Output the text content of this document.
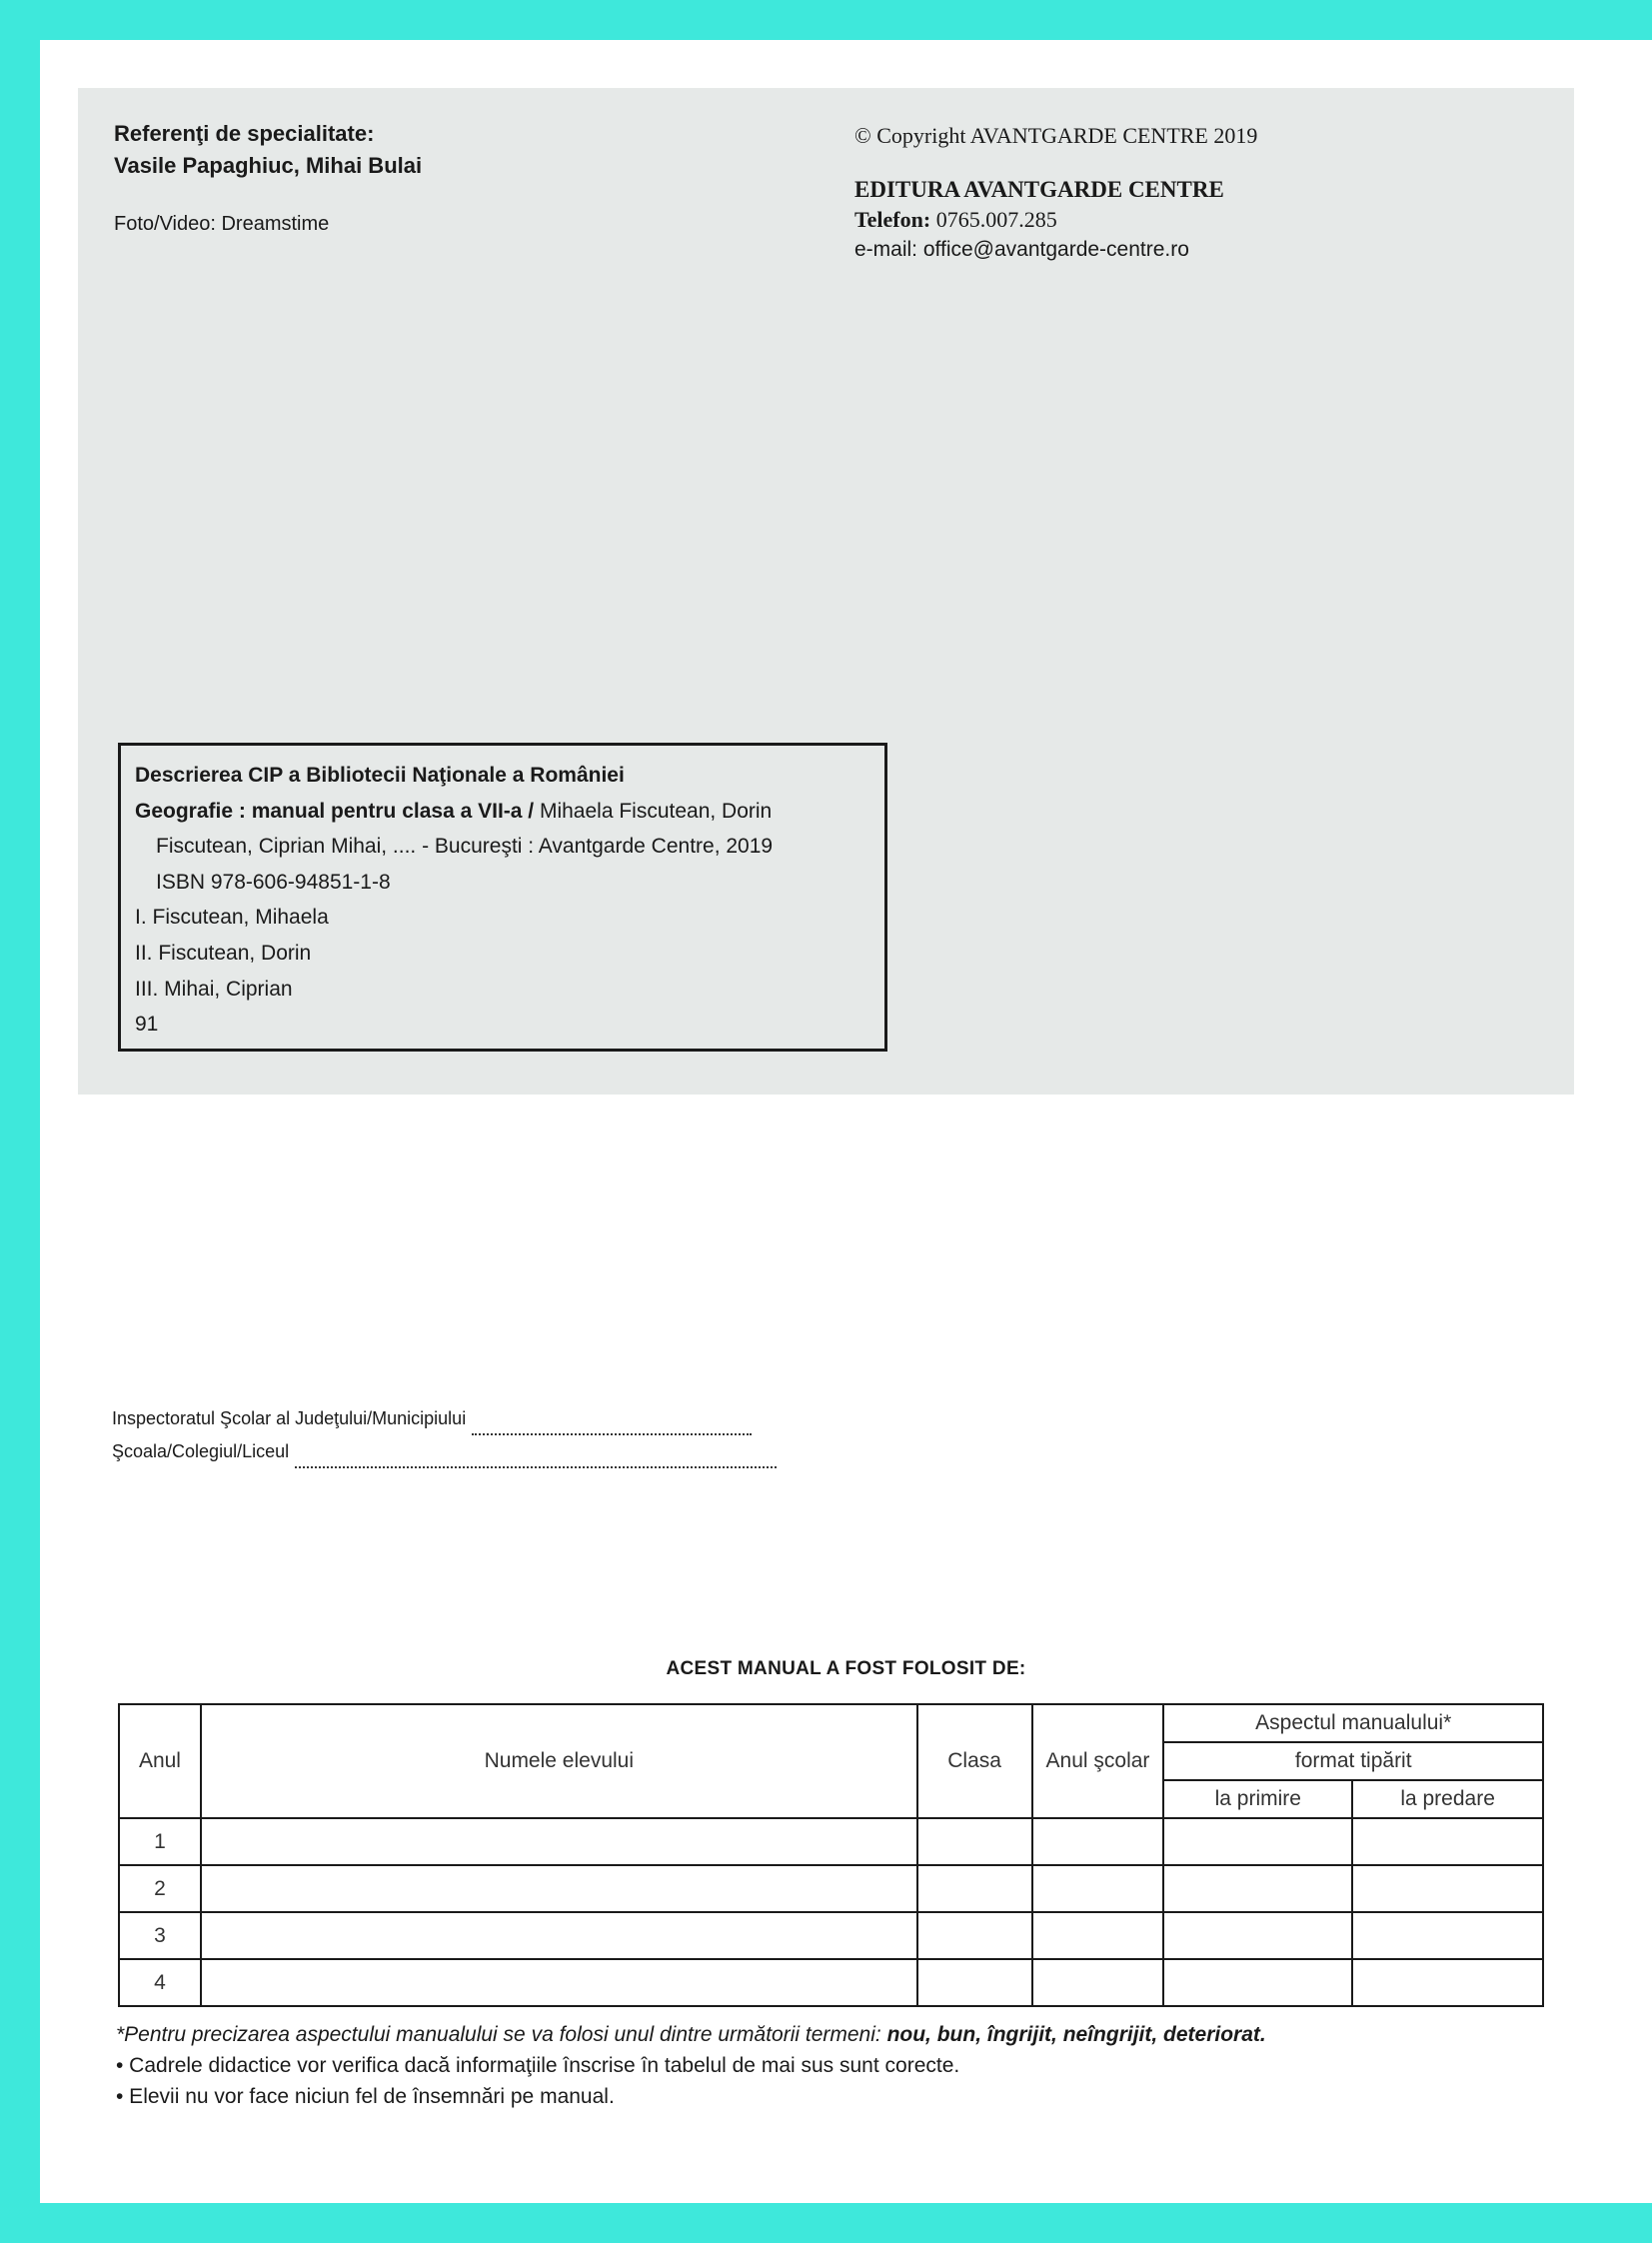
Referenţi de specialitate:
Vasile Papaghiuc, Mihai Bulai
Foto/Video: Dreamstime
© Copyright AVANTGARDE CENTRE 2019
EDITURA AVANTGARDE CENTRE
Telefon: 0765.007.285
e-mail: office@avantgarde-centre.ro
Descrierea CIP a Bibliotecii Naţionale a României
Geografie : manual pentru clasa a VII-a / Mihaela Fiscutean, Dorin
Fiscutean, Ciprian Mihai, .... - Bucureşti : Avantgarde Centre, 2019
ISBN 978-606-94851-1-8
I. Fiscutean, Mihaela
II. Fiscutean, Dorin
III. Mihai, Ciprian
91
Inspectoratul Şcolar al Judeţului/Municipiului
Şcoala/Colegiul/Liceul
ACEST MANUAL A FOST FOLOSIT DE:
Anul	Numele elevului	Clasa	Anul şcolar	Aspectul manualului*	
				format tipărit	
				la primire	la predare
1					
2					
3					
4					
*Pentru precizarea aspectului manualului se va folosi unul dintre următorii termeni: nou, bun, îngrijit, neîngrijit, deteriorat.
• Cadrele didactice vor verifica dacă informaţiile înscrise în tabelul de mai sus sunt corecte.
• Elevii nu vor face niciun fel de însemnări pe manual.
